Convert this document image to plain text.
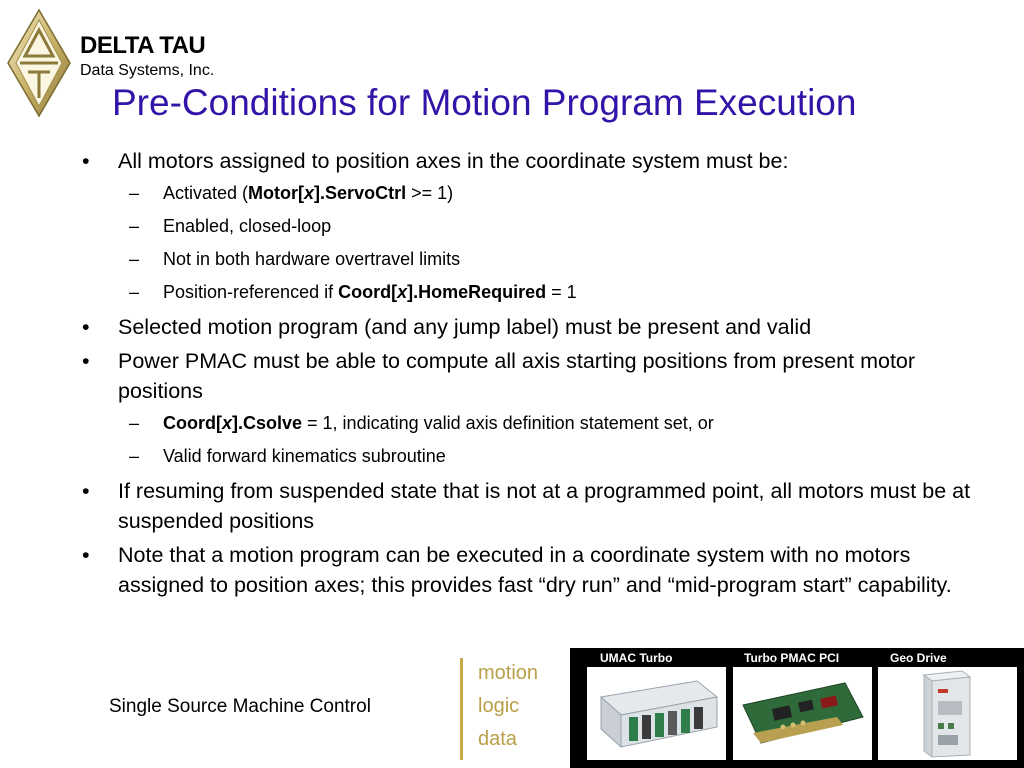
DELTA TAU
Data Systems, Inc.
Pre-Conditions for Motion Program Execution
• All motors assigned to position axes in the coordinate system must be:
– Activated (Motor[x].ServoCtrl >= 1)
– Enabled, closed-loop
– Not in both hardware overtravel limits
– Position-referenced if Coord[x].HomeRequired = 1
• Selected motion program (and any jump label) must be present and valid
• Power PMAC must be able to compute all axis starting positions from present motor positions
– Coord[x].Csolve = 1, indicating valid axis definition statement set, or
– Valid forward kinematics subroutine
• If resuming from suspended state that is not at a programmed point, all motors must be at suspended positions
• Note that a motion program can be executed in a coordinate system with no motors assigned to position axes; this provides fast “dry run” and “mid-program start” capability.
Single Source Machine Control
motion
logic
data
UMAC Turbo	Turbo PMAC PCI	Geo Drive
